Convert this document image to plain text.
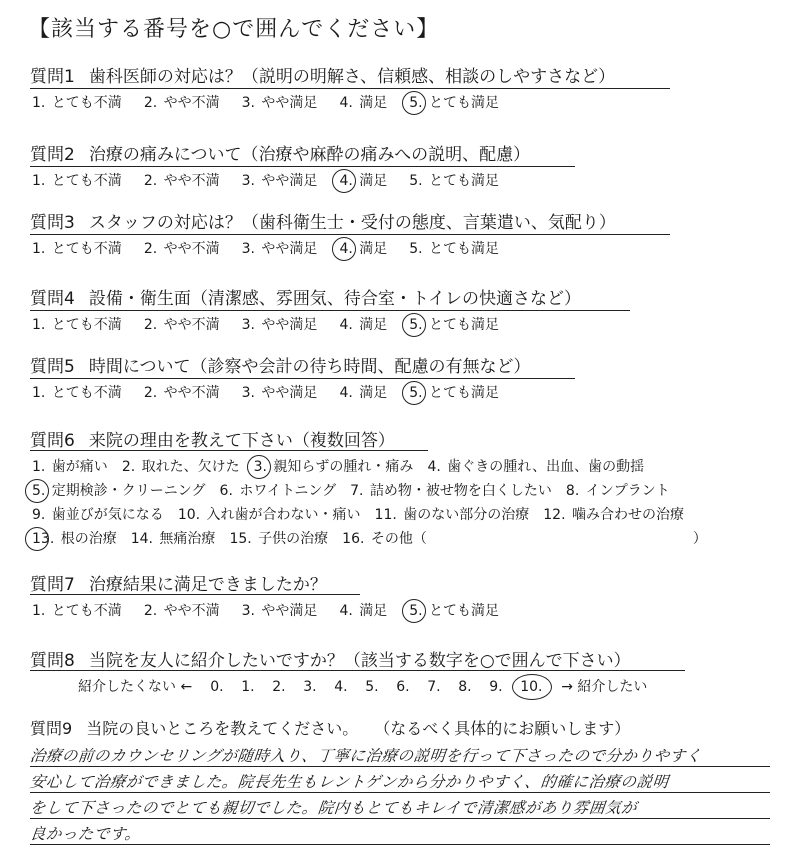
【該当する番号を○で囲んでください】
質問1 歯科医師の対応は？（説明の明解さ、信頼感、相談のしやすさなど）
1. とても不満 2. やや不満 3. やや満足 4. 満足 5. とても満足
質問2 治療の痛みについて（治療や麻酔の痛みへの説明、配慮）
1. とても不満 2. やや不満 3. やや満足 4. 満足 5. とても満足
質問3 スタッフの対応は？（歯科衛生士・受付の態度、言葉遣い、気配り）
1. とても不満 2. やや不満 3. やや満足 4. 満足 5. とても満足
質問4 設備・衛生面（清潔感、雰囲気、待合室・トイレの快適さなど）
1. とても不満 2. やや不満 3. やや満足 4. 満足 5. とても満足
質問5 時間について（診察や会計の待ち時間、配慮の有無など）
1. とても不満 2. やや不満 3. やや満足 4. 満足 5. とても満足
質問6 来院の理由を教えて下さい（複数回答）
1. 歯が痛い 2. 取れた、欠けた 3. 親知らずの腫れ・痛み 4. 歯ぐきの腫れ、出血、歯の動揺
5. 定期検診・クリーニング 6. ホワイトニング 7. 詰め物・被せ物を白くしたい 8. インプラント
9. 歯並びが気になる 10. 入れ歯が合わない・痛い 11. 歯のない部分の治療 12. 噛み合わせの治療
13. 根の治療 14. 無痛治療 15. 子供の治療 16. その他（	）
質問7 治療結果に満足できましたか？
1. とても不満 2. やや不満 3. やや満足 4. 満足 5. とても満足
質問8 当院を友人に紹介したいですか？（該当する数字を○で囲んで下さい）
紹介したくない ← 0. 1. 2. 3. 4. 5. 6. 7. 8. 9. 10. → 紹介したい
質問9 当院の良いところを教えてください。 （なるべく具体的にお願いします）
治療の前のカウンセリングが随時入り、丁寧に治療の説明を行って下さったので分かりやすく
安心して治療ができました。院長先生もレントゲンから分かりやすく、的確に治療の説明
をして下さったのでとても親切でした。院内もとてもキレイで清潔感があり雰囲気が
良かったです。
